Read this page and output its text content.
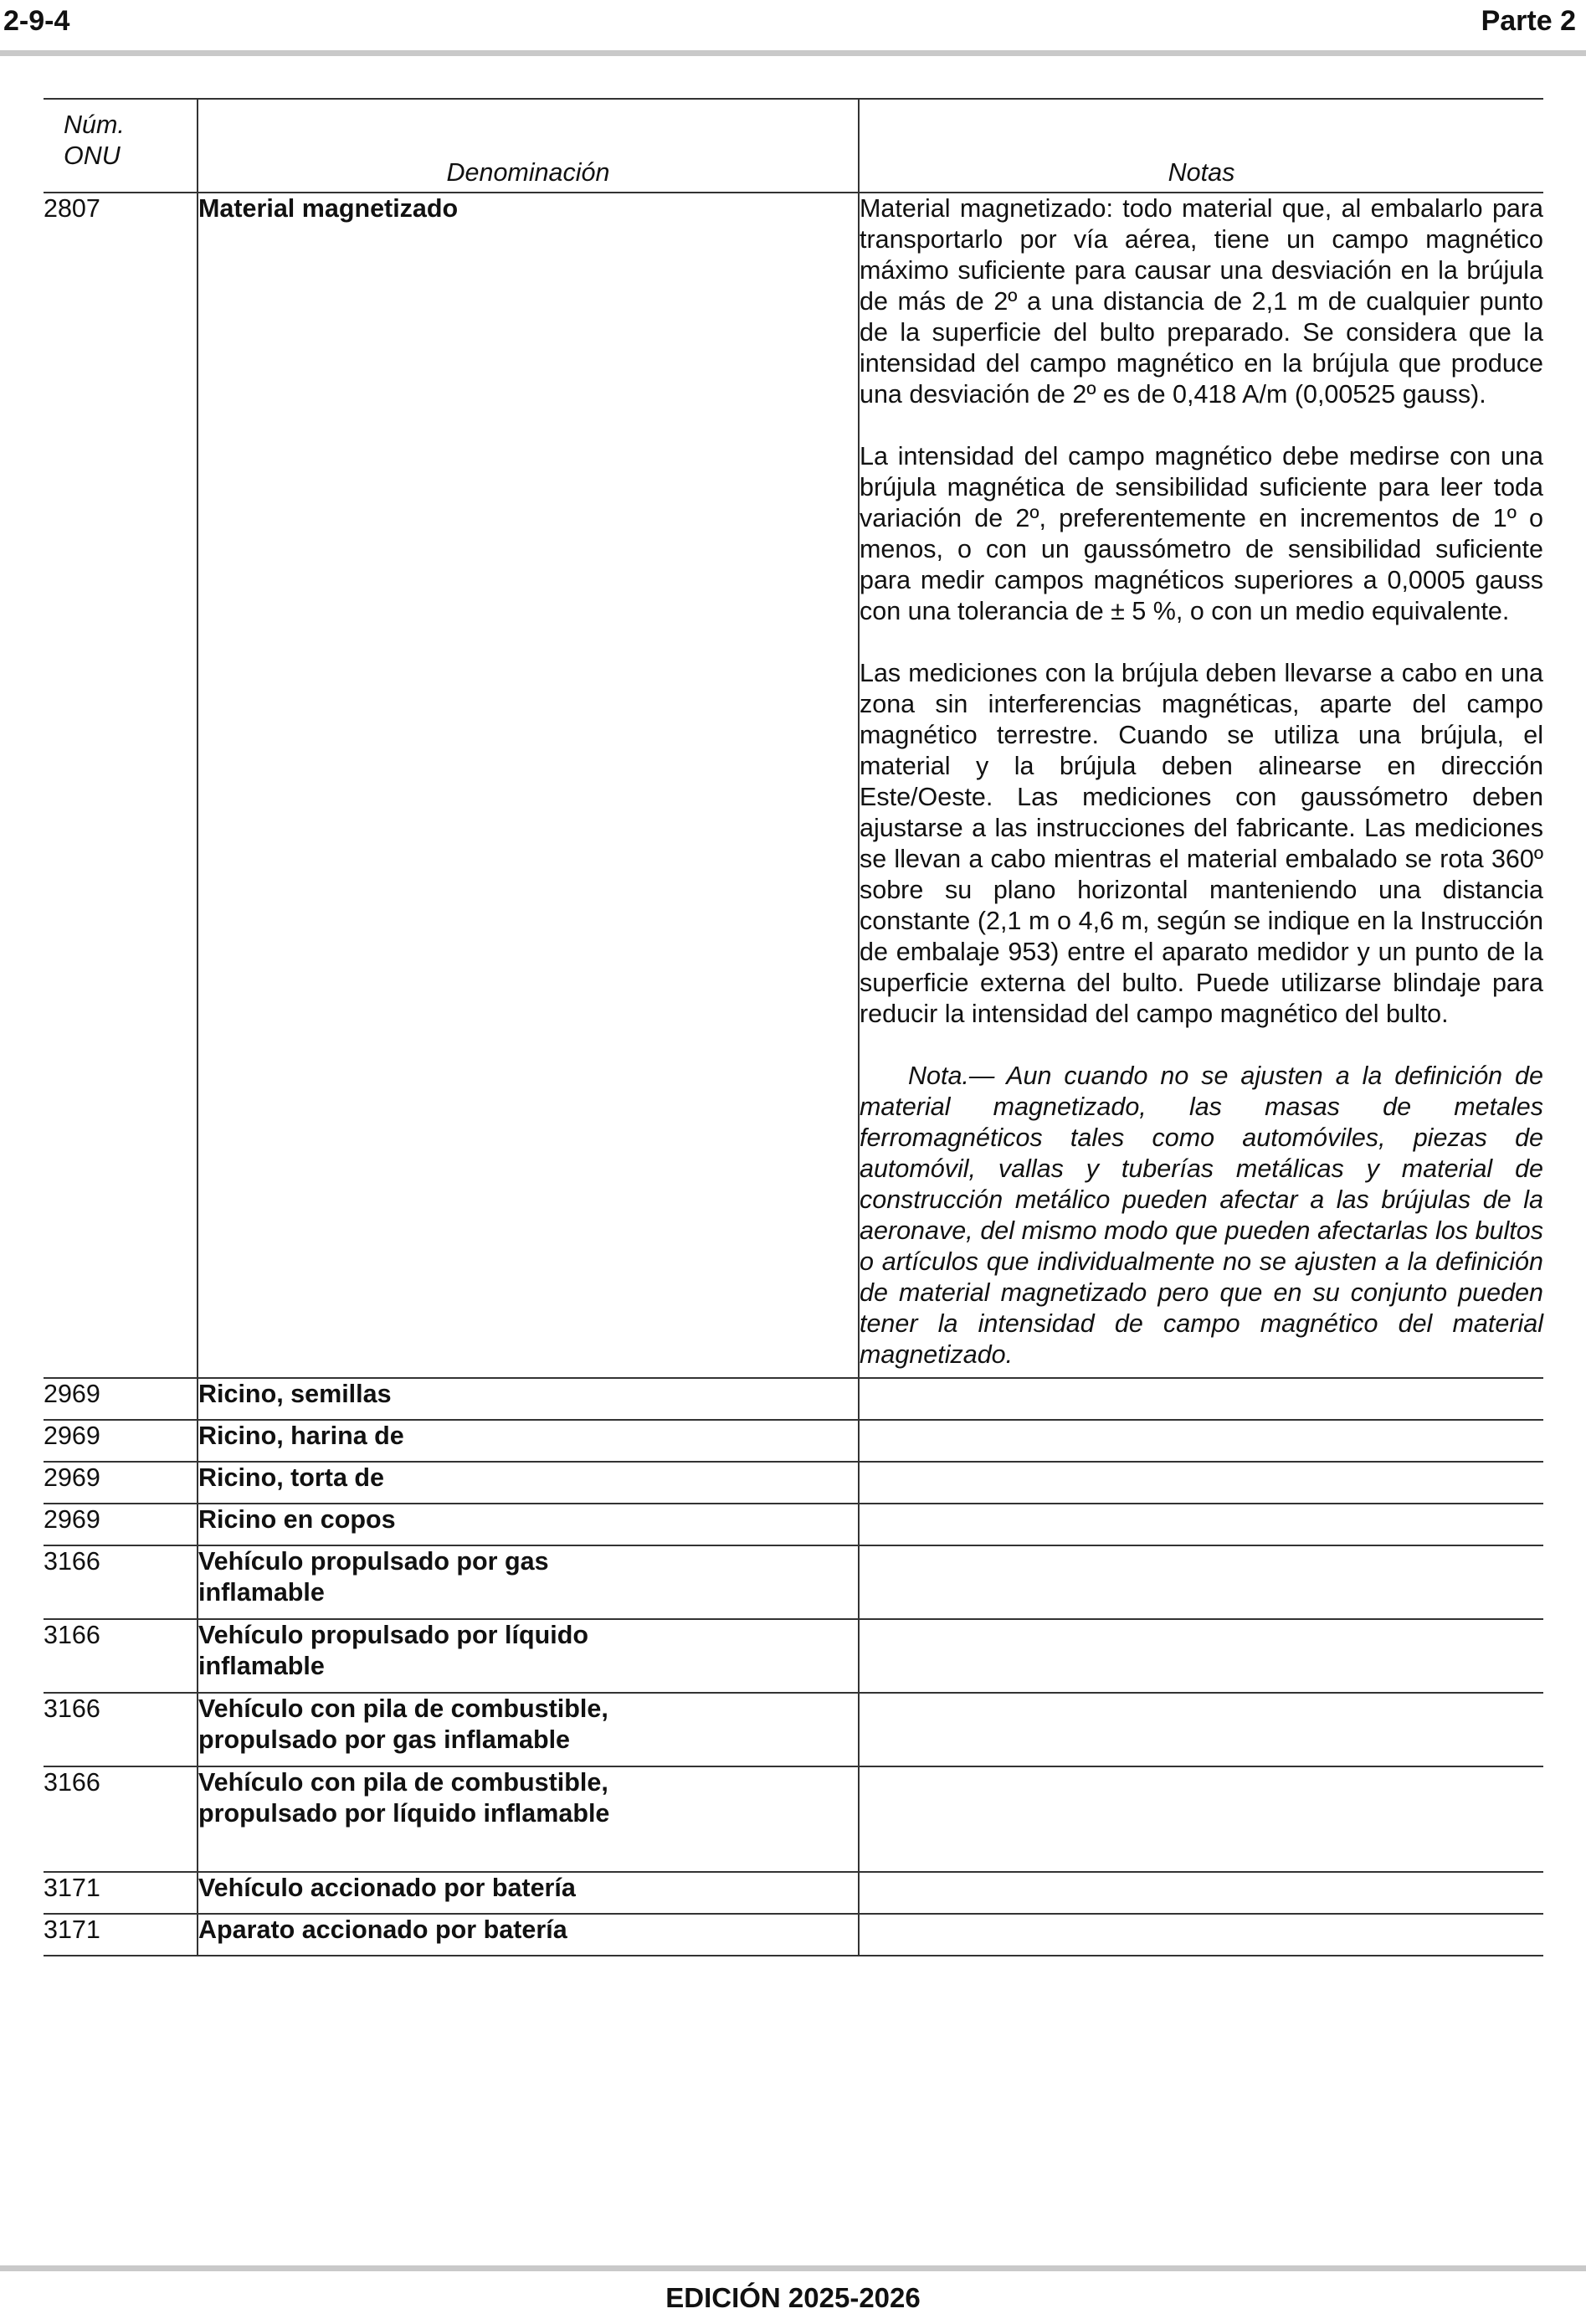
2-9-4	Parte 2
Núm.
ONU	Denominación	Notas
2807	Material magnetizado	Material magnetizado: todo material que, al embalarlo para transportarlo por vía aérea, tiene un campo magnético máximo suficiente para causar una desviación en la brújula de más de 2º a una distancia de 2,1 m de cualquier punto de la superficie del bulto preparado. Se considera que la intensidad del campo magnético en la brújula que produce una desviación de 2º es de 0,418 A/m (0,00525 gauss).

La intensidad del campo magnético debe medirse con una brújula magnética de sensibilidad suficiente para leer toda variación de 2º, preferentemente en incrementos de 1º o menos, o con un gaussómetro de sensibilidad suficiente para medir campos magnéticos superiores a 0,0005 gauss con una tolerancia de ± 5 %, o con un medio equivalente.

Las mediciones con la brújula deben llevarse a cabo en una zona sin interferencias magnéticas, aparte del campo magnético terrestre. Cuando se utiliza una brújula, el material y la brújula deben alinearse en dirección Este/Oeste. Las mediciones con gaussómetro deben ajustarse a las instrucciones del fabricante. Las mediciones se llevan a cabo mientras el material embalado se rota 360º sobre su plano horizontal manteniendo una distancia constante (2,1 m o 4,6 m, según se indique en la Instrucción de embalaje 953) entre el aparato medidor y un punto de la superficie externa del bulto. Puede utilizarse blindaje para reducir la intensidad del campo magnético del bulto.

Nota.— Aun cuando no se ajusten a la definición de material magnetizado, las masas de metales ferromagnéticos tales como automóviles, piezas de automóvil, vallas y tuberías metálicas y material de construcción metálico pueden afectar a las brújulas de la aeronave, del mismo modo que pueden afectarlas los bultos o artículos que individualmente no se ajusten a la definición de material magnetizado pero que en su conjunto pueden tener la intensidad de campo magnético del material magnetizado.

2969	Ricino, semillas	
2969	Ricino, harina de	
2969	Ricino, torta de	
2969	Ricino en copos	
3166	Vehículo propulsado por gas inflamable	

3166	Vehículo propulsado por líquido inflamable	

3166	Vehículo con pila de combustible, propulsado por gas inflamable	

3166	Vehículo con pila de combustible, propulsado por líquido inflamable	

3171	Vehículo accionado por batería	
3171	Aparato accionado por batería	
EDICIÓN 2025-2026
